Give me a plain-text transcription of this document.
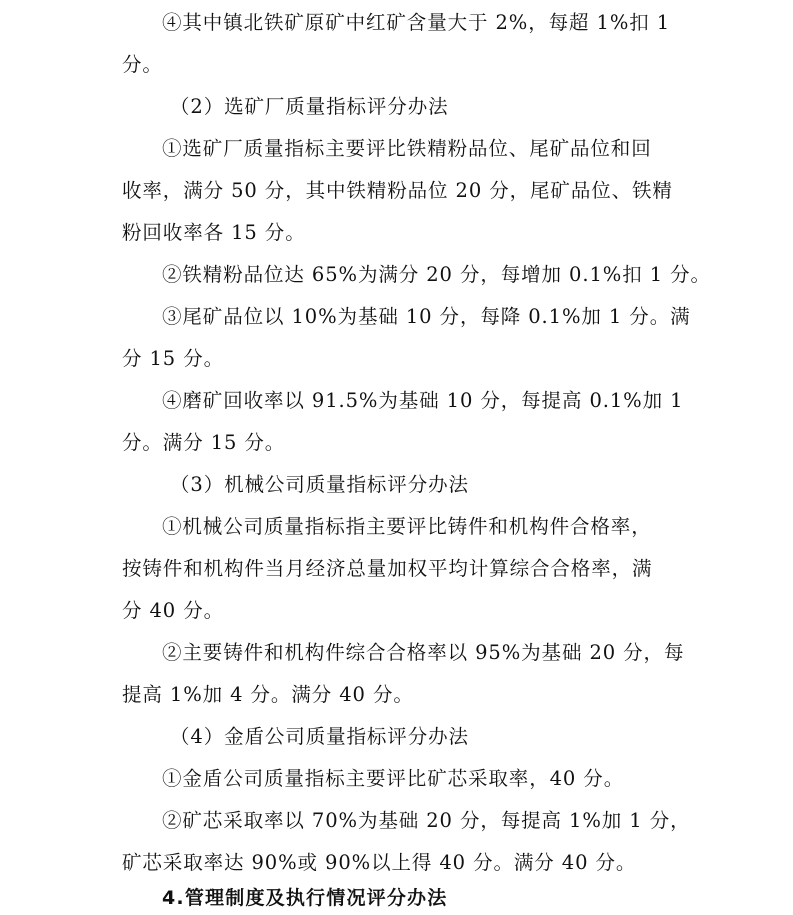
④其中镇北铁矿原矿中红矿含量大于 2%，每超 1%扣 1

分。

（2）选矿厂质量指标评分办法

①选矿厂质量指标主要评比铁精粉品位、尾矿品位和回

收率，满分 50 分，其中铁精粉品位 20 分，尾矿品位、铁精

粉回收率各 15 分。

②铁精粉品位达 65%为满分 20 分，每增加 0.1%扣 1 分。

③尾矿品位以 10%为基础 10 分，每降 0.1%加 1 分。满

分 15 分。

④磨矿回收率以 91.5%为基础 10 分，每提高 0.1%加 1

分。满分 15 分。

（3）机械公司质量指标评分办法

①机械公司质量指标指主要评比铸件和机构件合格率，

按铸件和机构件当月经济总量加权平均计算综合合格率，满

分 40 分。

②主要铸件和机构件综合合格率以 95%为基础 20 分，每

提高 1%加 4 分。满分 40 分。

（4）金盾公司质量指标评分办法

①金盾公司质量指标主要评比矿芯采取率，40 分。

②矿芯采取率以 70%为基础 20 分，每提高 1%加 1 分，

矿芯采取率达 90%或 90%以上得 40 分。满分 40 分。

4.管理制度及执行情况评分办法
